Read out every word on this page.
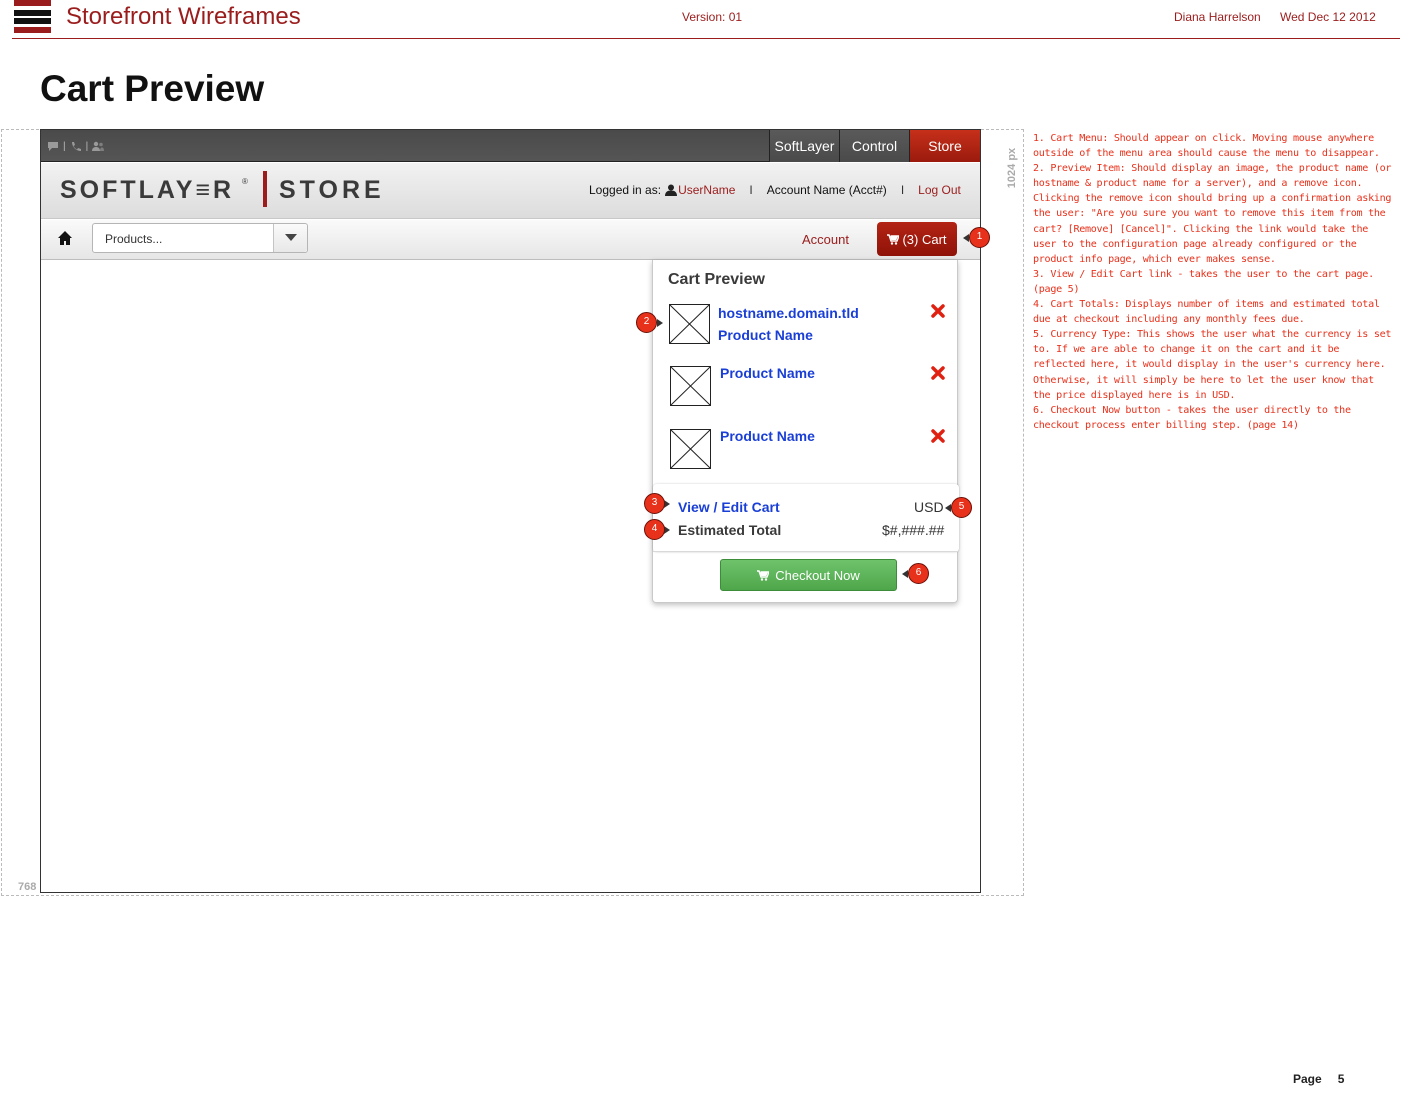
Storefront Wireframes	Version: 01	Diana Harrelson Wed Dec 12 2012
Cart Preview
768
1024 px
| |	SoftLayer	Control	Store
SOFTLAY≡R ® STORE	Logged in as: UserName I Account Name (Acct#) I Log Out
Products...	Account	(3) Cart
Cart Preview
hostname.domain.tld
Product Name
Product Name
Product Name
View / Edit Cart	USD
Estimated Total	$#,###.##
Checkout Now
1
2
3
4
5
6

1. Cart Menu: Should appear on click. Moving mouse anywhere outside of the menu area should cause the menu to disappear.

2. Preview Item: Should display an image, the product name (or hostname & product name for a server), and a remove icon. Clicking the remove icon should bring up a confirmation asking the user: "Are you sure you want to remove this item from the cart? [Remove] [Cancel]". Clicking the link would take the user to the configuration page already configured or the product info page, which ever makes sense.

3. View / Edit Cart link - takes the user to the cart page. (page 5)

4. Cart Totals: Displays number of items and estimated total due at checkout including any monthly fees due.

5. Currency Type: This shows the user what the currency is set to. If we are able to change it on the cart and it be reflected here, it would display in the user's currency here. Otherwise, it will simply be here to let the user know that the price displayed here is in USD.

6. Checkout Now button - takes the user directly to the checkout process enter billing step. (page 14)

Page 5
